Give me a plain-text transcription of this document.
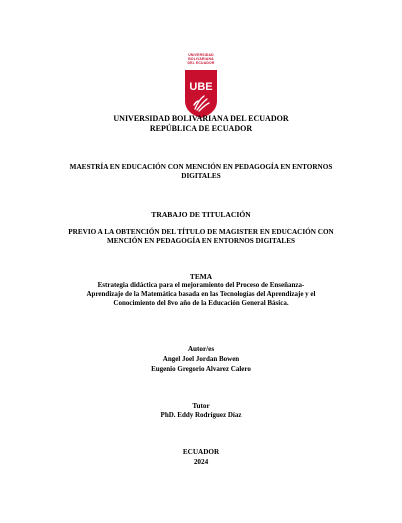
UNIVERSIDAD
BOLIVARIANA
DEL ECUADOR
UBE
UNIVERSIDAD BOLIVARIANA DEL ECUADOR
REPÚBLICA DE ECUADOR
MAESTRÍA EN EDUCACIÓN CON MENCIÓN EN PEDAGOGÍA EN ENTORNOS
DIGITALES
TRABAJO DE TITULACIÓN
PREVIO A LA OBTENCIÓN DEL TÍTULO DE MAGISTER EN EDUCACIÓN CON
MENCIÓN EN PEDAGOGÍA EN ENTORNOS DIGITALES
TEMA
Estrategia didáctica para el mejoramiento del Proceso de Enseñanza-
Aprendizaje de la Matemática basada en las Tecnologías del Aprendizaje y el
Conocimiento del 8vo año de la Educación General Básica.
Autor/es
Angel Joel Jordan Bowen
Eugenio Gregorio Alvarez Calero
Tutor
PhD. Eddy Rodríguez Díaz
ECUADOR
2024
